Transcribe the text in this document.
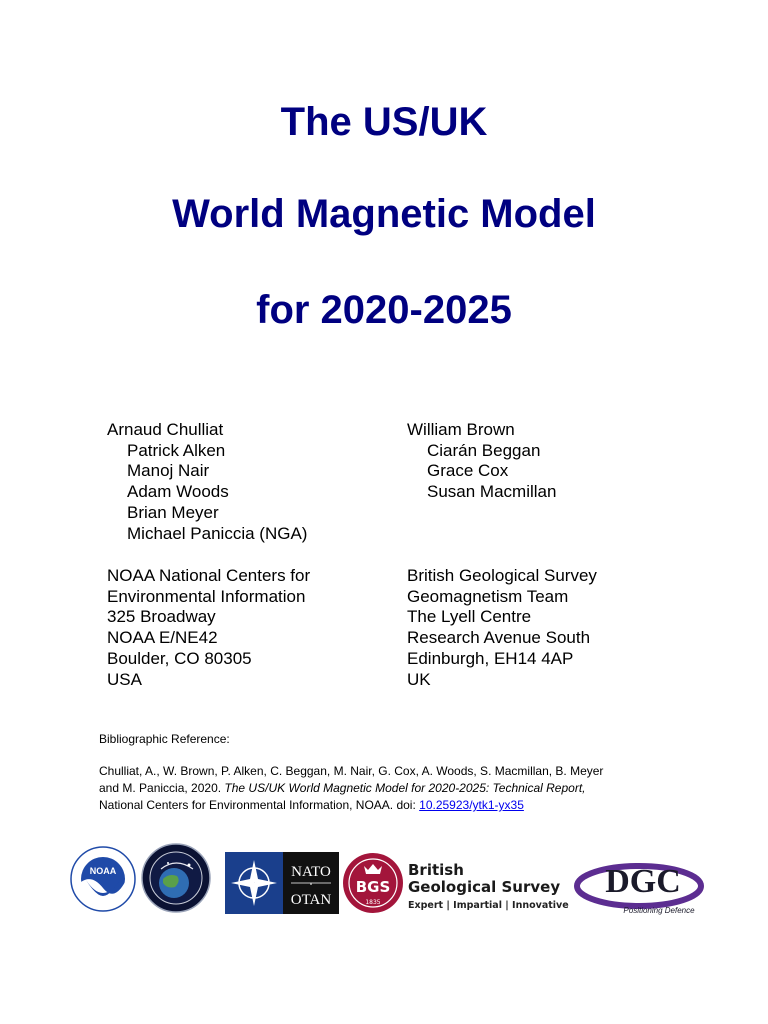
The US/UK
World Magnetic Model
for 2020-2025
Arnaud Chulliat
Patrick Alken
Manoj Nair
Adam Woods
Brian Meyer
Michael Paniccia (NGA)
William Brown
Ciarán Beggan
Grace Cox
Susan Macmillan
NOAA National Centers for
Environmental Information
325 Broadway
NOAA E/NE42
Boulder, CO 80305
USA
British Geological Survey
Geomagnetism Team
The Lyell Centre
Research Avenue South
Edinburgh, EH14 4AP
UK
Bibliographic Reference:
Chulliat, A., W. Brown, P. Alken, C. Beggan, M. Nair, G. Cox, A. Woods, S. Macmillan, B. Meyer and M. Paniccia, 2020. The US/UK World Magnetic Model for 2020-2025: Technical Report, National Centers for Environmental Information, NOAA. doi: 10.25923/ytk1-yx35
NOAA	NATO
OTAN
BGS
1835
British
Geological Survey
Expert | Impartial | Innovative
DGC
Positioning Defence
